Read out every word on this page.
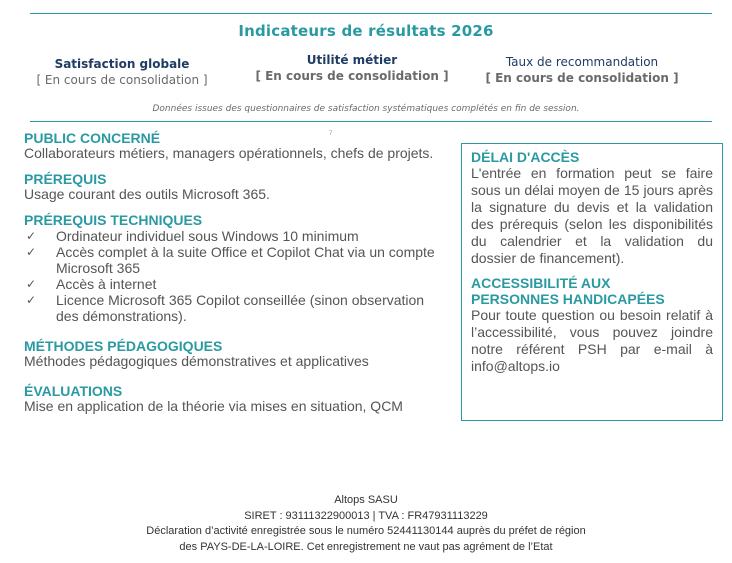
Indicateurs de résultats 2026
Satisfaction globale
[ En cours de consolidation ]
Utilité métier
[ En cours de consolidation ]
Taux de recommandation
[ En cours de consolidation ]
Données issues des questionnaires de satisfaction systématiques complétés en fin de session.
7
PUBLIC CONCERNÉ
Collaborateurs métiers, managers opérationnels, chefs de projets.
PRÉREQUIS
Usage courant des outils Microsoft 365.
PRÉREQUIS TECHNIQUES
✓ Ordinateur individuel sous Windows 10 minimum
✓ Accès complet à la suite Office et Copilot Chat via un compte Microsoft 365
✓ Accès à internet
✓ Licence Microsoft 365 Copilot conseillée (sinon observation des démonstrations).
MÉTHODES PÉDAGOGIQUES
Méthodes pédagogiques démonstratives et applicatives
ÉVALUATIONS
Mise en application de la théorie via mises en situation, QCM
DÉLAI D'ACCÈS
L'entrée en formation peut se faire sous un délai moyen de 15 jours après la signature du devis et la validation des prérequis (selon les disponibilités du calendrier et la validation du dossier de financement).
ACCESSIBILITÉ AUX
PERSONNES HANDICAPÉES
Pour toute question ou besoin relatif à l’accessibilité, vous pouvez joindre notre référent PSH par e-mail à info@altops.io
Altops SASU
SIRET : 93111322900013 | TVA : FR47931113229
Déclaration d’activité enregistrée sous le numéro 52441130144 auprès du préfet de région
des PAYS-DE-LA-LOIRE. Cet enregistrement ne vaut pas agrément de l’Etat
